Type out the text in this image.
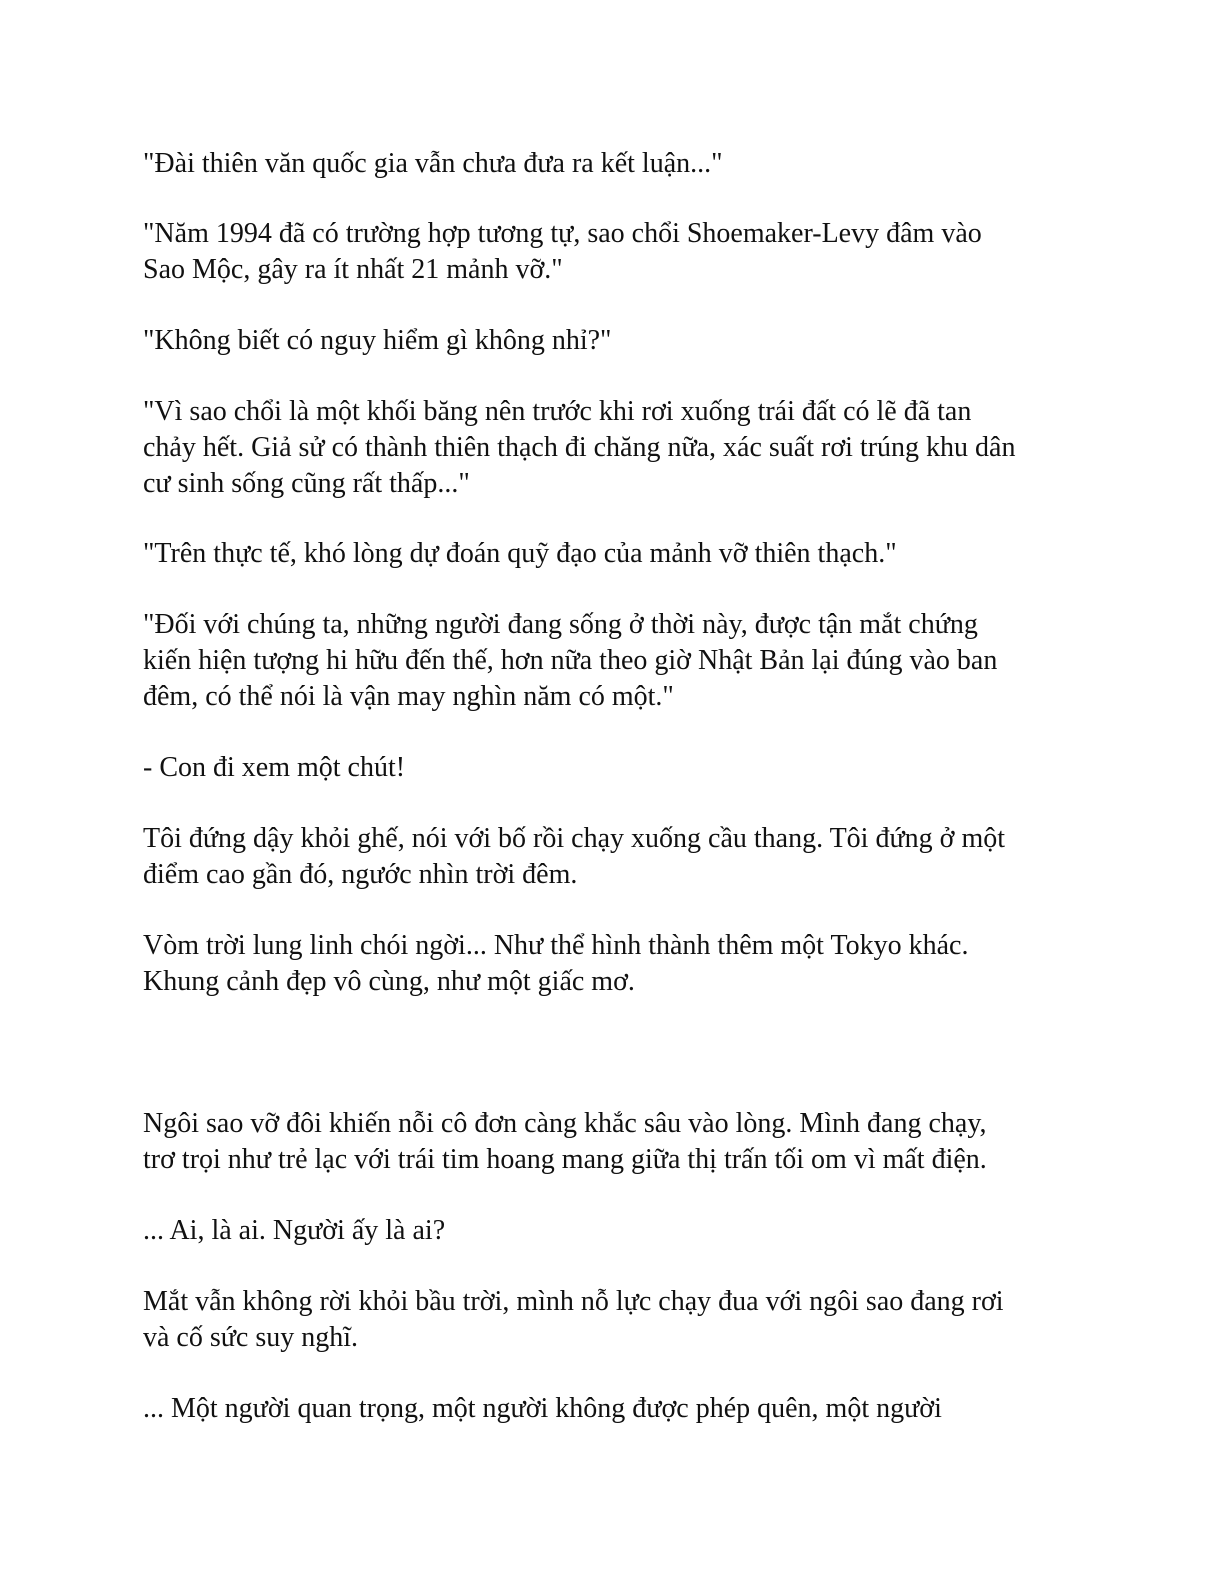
"Đài thiên văn quốc gia vẫn chưa đưa ra kết luận..."

"Năm 1994 đã có trường hợp tương tự, sao chổi Shoemaker-Levy đâm vào
Sao Mộc, gây ra ít nhất 21 mảnh vỡ."

"Không biết có nguy hiểm gì không nhỉ?"

"Vì sao chổi là một khối băng nên trước khi rơi xuống trái đất có lẽ đã tan
chảy hết. Giả sử có thành thiên thạch đi chăng nữa, xác suất rơi trúng khu dân
cư sinh sống cũng rất thấp..."

"Trên thực tế, khó lòng dự đoán quỹ đạo của mảnh vỡ thiên thạch."

"Đối với chúng ta, những người đang sống ở thời này, được tận mắt chứng
kiến hiện tượng hi hữu đến thế, hơn nữa theo giờ Nhật Bản lại đúng vào ban
đêm, có thể nói là vận may nghìn năm có một."

- Con đi xem một chút!

Tôi đứng dậy khỏi ghế, nói với bố rồi chạy xuống cầu thang. Tôi đứng ở một
điểm cao gần đó, ngước nhìn trời đêm.

Vòm trời lung linh chói ngời... Như thể hình thành thêm một Tokyo khác.
Khung cảnh đẹp vô cùng, như một giấc mơ.

Ngôi sao vỡ đôi khiến nỗi cô đơn càng khắc sâu vào lòng. Mình đang chạy,
trơ trọi như trẻ lạc với trái tim hoang mang giữa thị trấn tối om vì mất điện.

... Ai, là ai. Người ấy là ai?

Mắt vẫn không rời khỏi bầu trời, mình nỗ lực chạy đua với ngôi sao đang rơi
và cố sức suy nghĩ.

... Một người quan trọng, một người không được phép quên, một người
